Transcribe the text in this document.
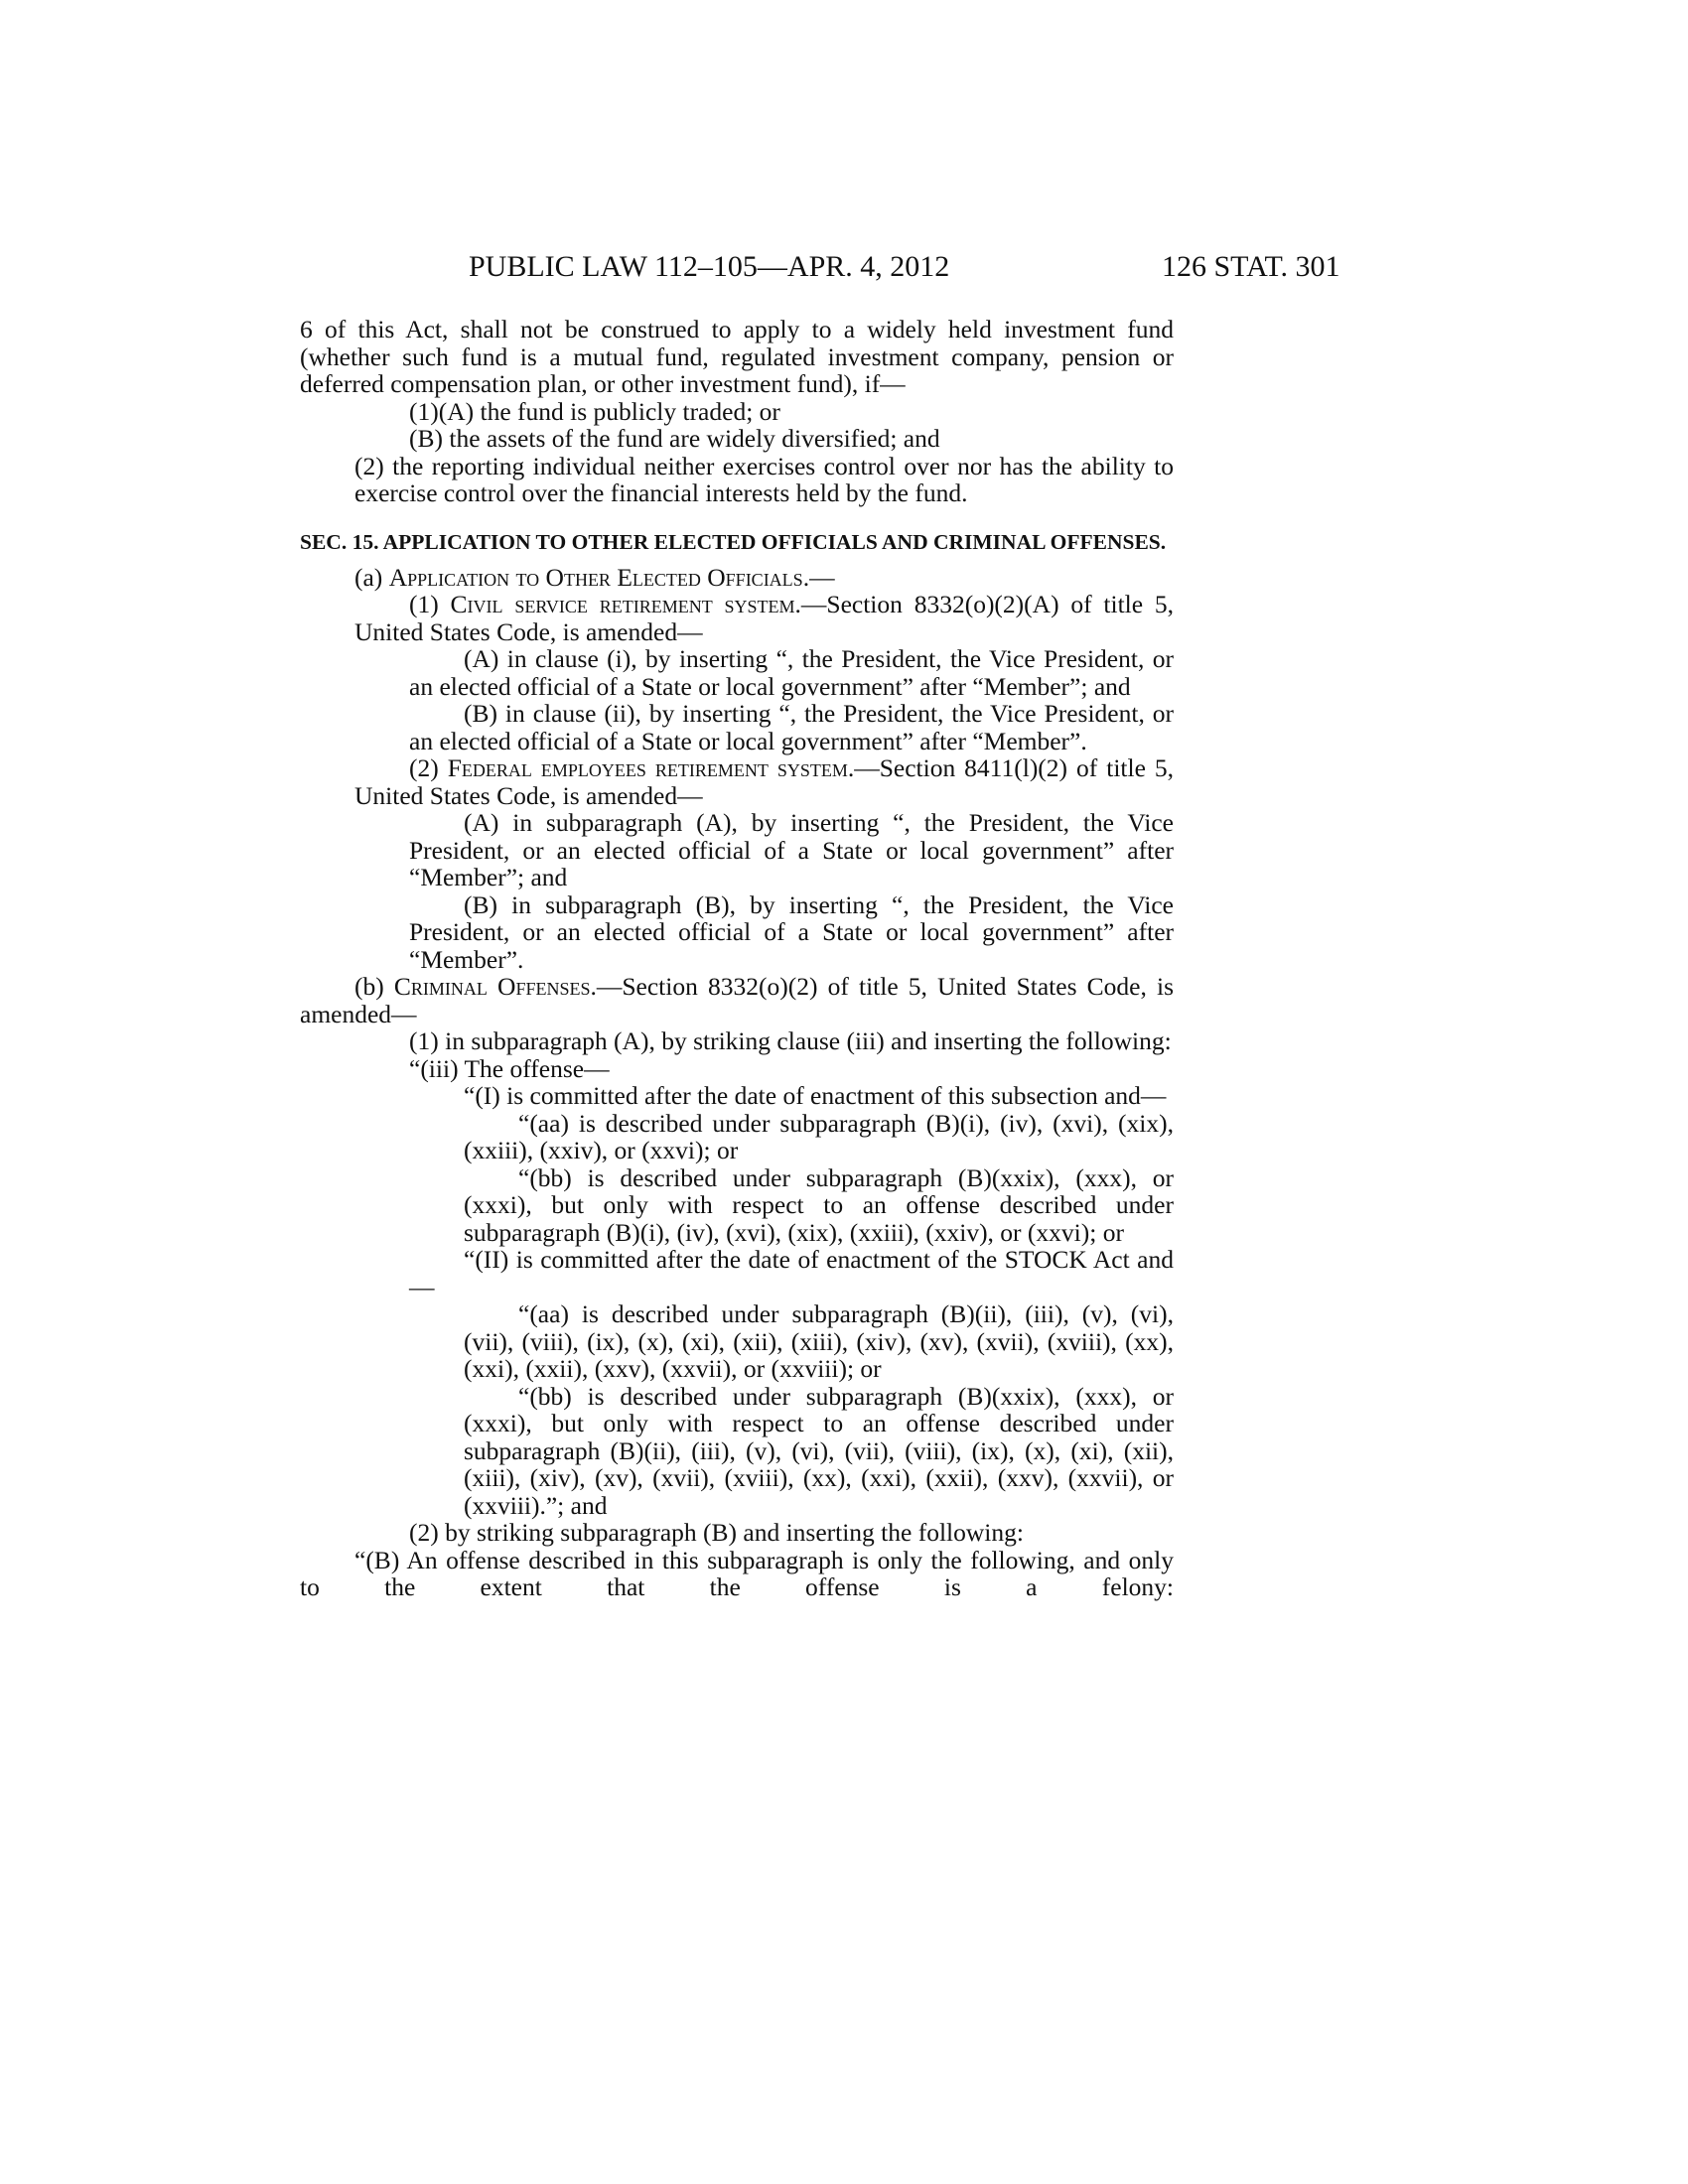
PUBLIC LAW 112–105—APR. 4, 2012	126 STAT. 301

6 of this Act, shall not be construed to apply to a widely held investment fund (whether such fund is a mutual fund, regulated investment company, pension or deferred compensation plan, or other investment fund), if—

(1)(A) the fund is publicly traded; or

(B) the assets of the fund are widely diversified; and

(2) the reporting individual neither exercises control over nor has the ability to exercise control over the financial interests held by the fund.

SEC. 15. APPLICATION TO OTHER ELECTED OFFICIALS AND CRIMINAL OFFENSES.

(a) Application to Other Elected Officials.—

(1) Civil service retirement system.—Section 8332(o)(2)(A) of title 5, United States Code, is amended—

(A) in clause (i), by inserting “, the President, the Vice President, or an elected official of a State or local government” after “Member”; and

(B) in clause (ii), by inserting “, the President, the Vice President, or an elected official of a State or local government” after “Member”.

(2) Federal employees retirement system.—Section 8411(l)(2) of title 5, United States Code, is amended—

(A) in subparagraph (A), by inserting “, the President, the Vice President, or an elected official of a State or local government” after “Member”; and

(B) in subparagraph (B), by inserting “, the President, the Vice President, or an elected official of a State or local government” after “Member”.

(b) Criminal Offenses.—Section 8332(o)(2) of title 5, United States Code, is amended—

(1) in subparagraph (A), by striking clause (iii) and inserting the following:

“(iii) The offense—

“(I) is committed after the date of enactment of this subsection and—

“(aa) is described under subparagraph (B)(i), (iv), (xvi), (xix), (xxiii), (xxiv), or (xxvi); or

“(bb) is described under subparagraph (B)(xxix), (xxx), or (xxxi), but only with respect to an offense described under subparagraph (B)(i), (iv), (xvi), (xix), (xxiii), (xxiv), or (xxvi); or

“(II) is committed after the date of enactment of the STOCK Act and—

“(aa) is described under subparagraph (B)(ii), (iii), (v), (vi), (vii), (viii), (ix), (x), (xi), (xii), (xiii), (xiv), (xv), (xvii), (xviii), (xx), (xxi), (xxii), (xxv), (xxvii), or (xxviii); or

“(bb) is described under subparagraph (B)(xxix), (xxx), or (xxxi), but only with respect to an offense described under subparagraph (B)(ii), (iii), (v), (vi), (vii), (viii), (ix), (x), (xi), (xii), (xiii), (xiv), (xv), (xvii), (xviii), (xx), (xxi), (xxii), (xxv), (xxvii), or (xxviii).”; and

(2) by striking subparagraph (B) and inserting the following:

“(B) An offense described in this subparagraph is only the following, and only to the extent that the offense is a felony:
